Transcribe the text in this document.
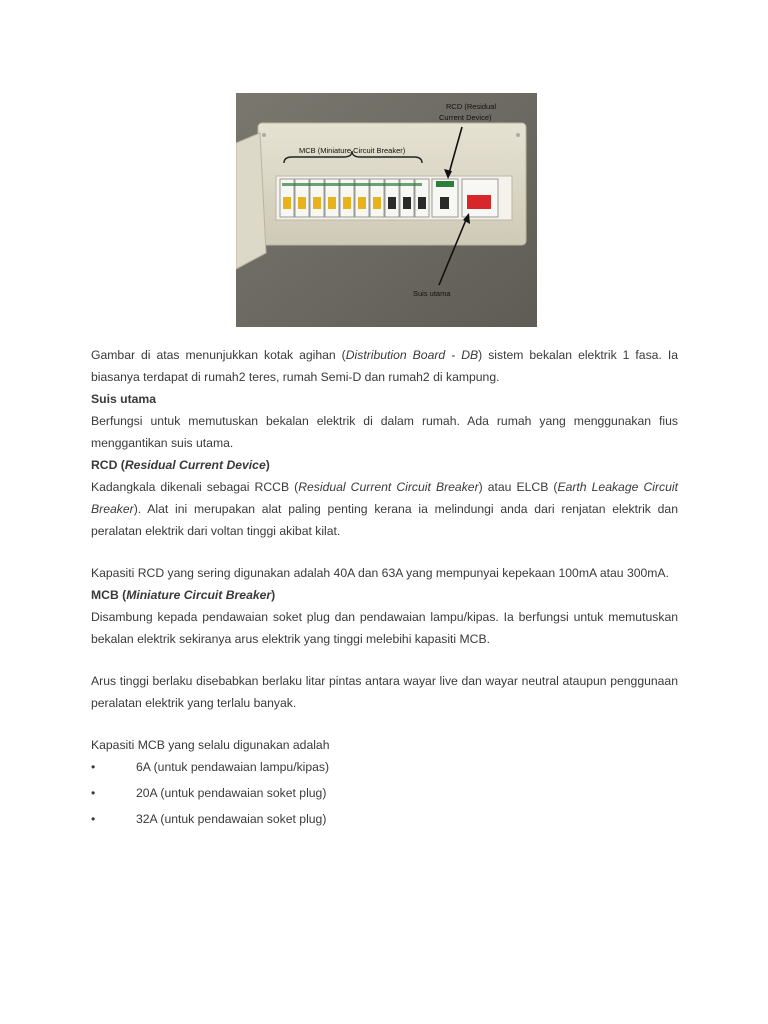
MCB (Miniature Circuit Breaker)
RCD (Residual
Current Device)
Suis utama

Gambar di atas menunjukkan kotak agihan (Distribution Board - DB) sistem bekalan elektrik 1 fasa. Ia biasanya terdapat di rumah2 teres, rumah Semi-D dan rumah2 di kampung.

Suis utama

Berfungsi untuk memutuskan bekalan elektrik di dalam rumah. Ada rumah yang menggunakan fius menggantikan suis utama.

RCD (Residual Current Device)

Kadangkala dikenali sebagai RCCB (Residual Current Circuit Breaker) atau ELCB (Earth Leakage Circuit Breaker). Alat ini merupakan alat paling penting kerana ia melindungi anda dari renjatan elektrik dan peralatan elektrik dari voltan tinggi akibat kilat.

Kapasiti RCD yang sering digunakan adalah 40A dan 63A yang mempunyai kepekaan 100mA atau 300mA.

MCB (Miniature Circuit Breaker)

Disambung kepada pendawaian soket plug dan pendawaian lampu/kipas. Ia berfungsi untuk memutuskan bekalan elektrik sekiranya arus elektrik yang tinggi melebihi kapasiti MCB.

Arus tinggi berlaku disebabkan berlaku litar pintas antara wayar live dan wayar neutral ataupun penggunaan peralatan elektrik yang terlalu banyak.

Kapasiti MCB yang selalu digunakan adalah

•	6A (untuk pendawaian lampu/kipas)
•	20A (untuk pendawaian soket plug)
•	32A (untuk pendawaian soket plug)
